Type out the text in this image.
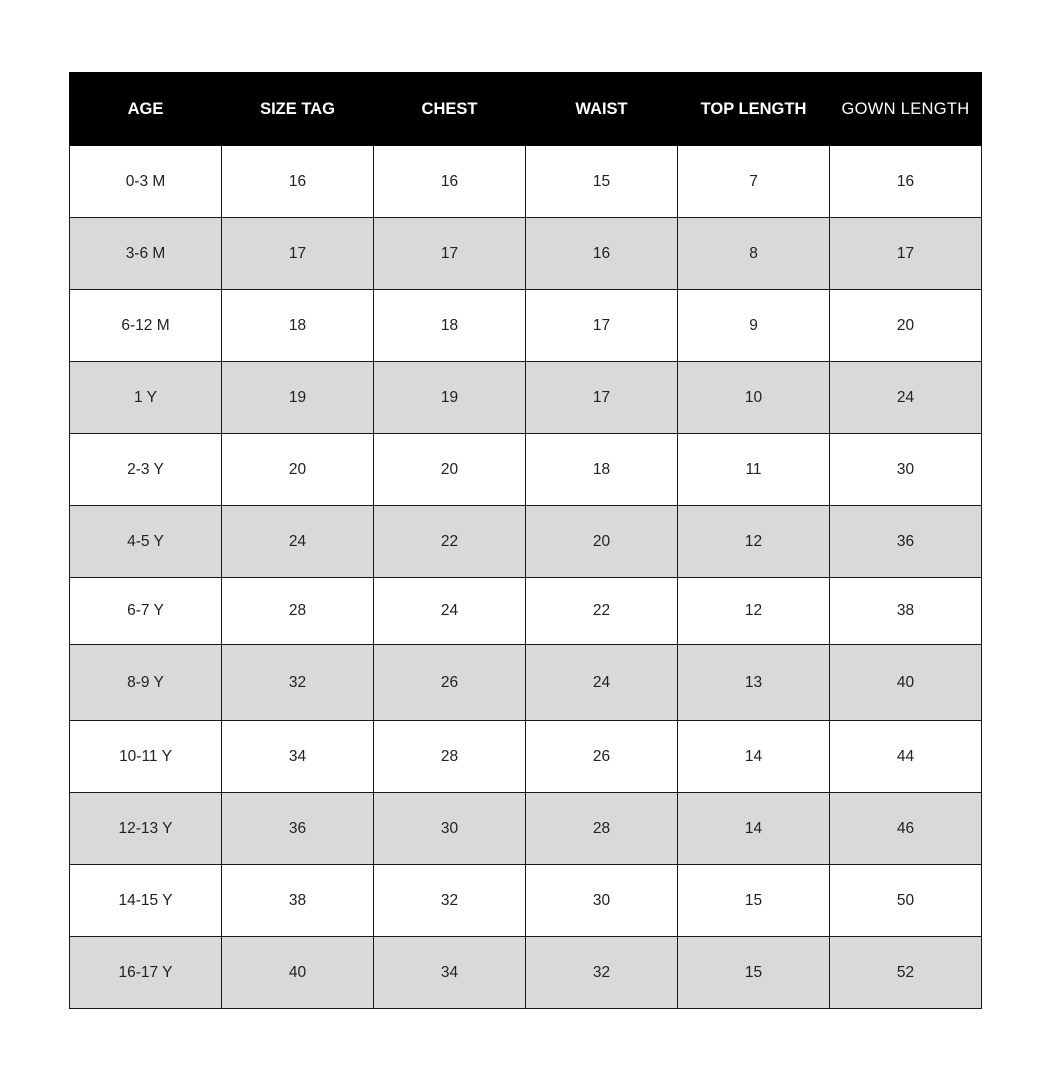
AGE	SIZE TAG	CHEST	WAIST	TOP LENGTH	GOWN LENGTH
0-3 M	16	16	15	7	16
3-6 M	17	17	16	8	17
6-12 M	18	18	17	9	20
1 Y	19	19	17	10	24
2-3 Y	20	20	18	11	30
4-5 Y	24	22	20	12	36
6-7 Y	28	24	22	12	38
8-9 Y	32	26	24	13	40
10-11 Y	34	28	26	14	44
12-13 Y	36	30	28	14	46
14-15 Y	38	32	30	15	50
16-17 Y	40	34	32	15	52
